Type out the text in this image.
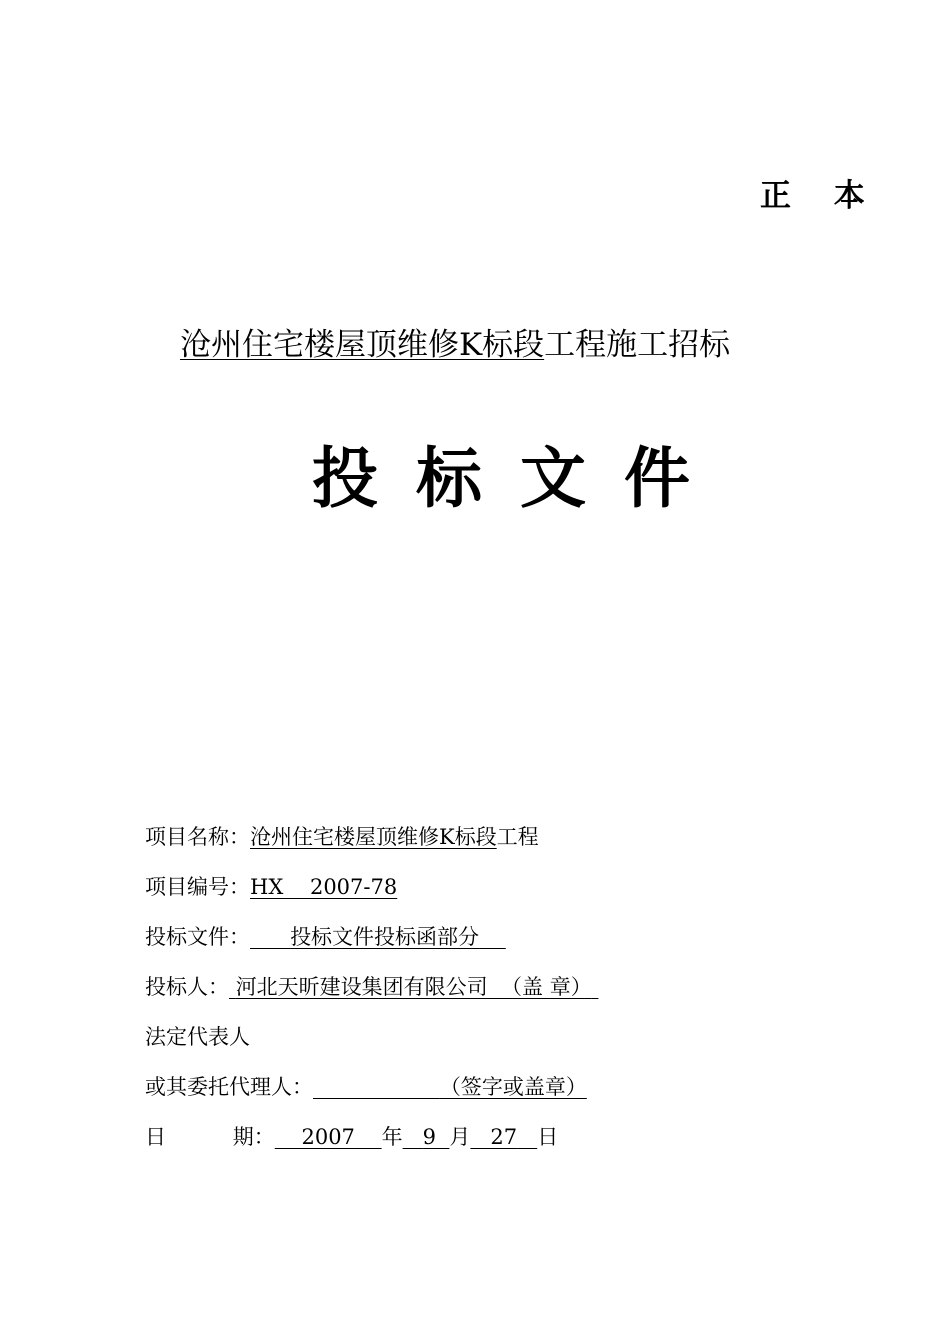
正 本
沧州住宅楼屋顶维修K标段工程施工招标
投标文件
项目名称：沧州住宅楼屋顶维修K标段工程
项目编号：HX    2007-78
投标文件： 投标文件投标函部分
投标人： 河北天昕建设集团有限公司  （盖 章）
法定代表人
或其委托代理人：	（签字或盖章）
日          期： 2007 年 9 月 27 日
